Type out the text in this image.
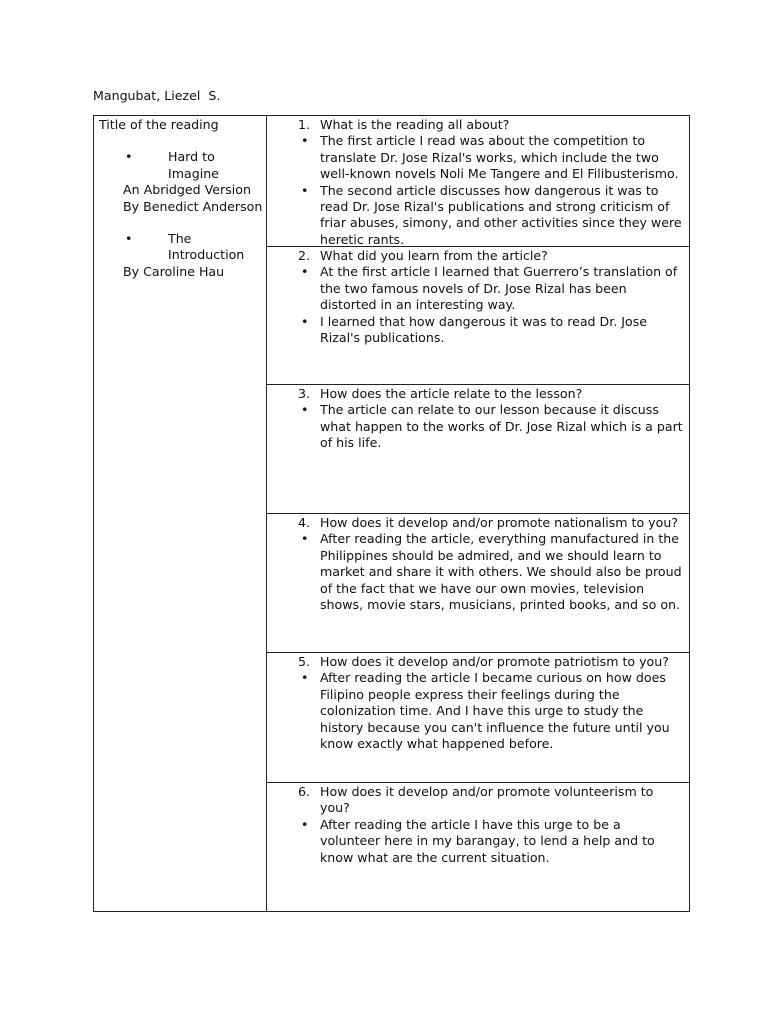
Mangubat, Liezel  S.
Title of the reading
•	Hard to Imagine
An Abridged Version
By Benedict Anderson
•	The Introduction
By Caroline Hau
1. What is the reading all about?
• The first article I read was about the competition to translate Dr. Jose Rizal's works, which include the two well-known novels Noli Me Tangere and El Filibusterismo.
• The second article discusses how dangerous it was to read Dr. Jose Rizal's publications and strong criticism of friar abuses, simony, and other activities since they were heretic rants.
2. What did you learn from the article?
• At the first article I learned that Guerrero’s translation of the two famous novels of Dr. Jose Rizal has been distorted in an interesting way.
• I learned that how dangerous it was to read Dr. Jose Rizal's publications.
3. How does the article relate to the lesson?
• The article can relate to our lesson because it discuss what happen to the works of Dr. Jose Rizal which is a part of his life.
4. How does it develop and/or promote nationalism to you?
• After reading the article, everything manufactured in the Philippines should be admired, and we should learn to market and share it with others. We should also be proud of the fact that we have our own movies, television shows, movie stars, musicians, printed books, and so on.
5. How does it develop and/or promote patriotism to you?
• After reading the article I became curious on how does Filipino people express their feelings during the colonization time. And I have this urge to study the history because you can't influence the future until you know exactly what happened before.
6. How does it develop and/or promote volunteerism to you?
• After reading the article I have this urge to be a volunteer here in my barangay, to lend a help and to know what are the current situation.
